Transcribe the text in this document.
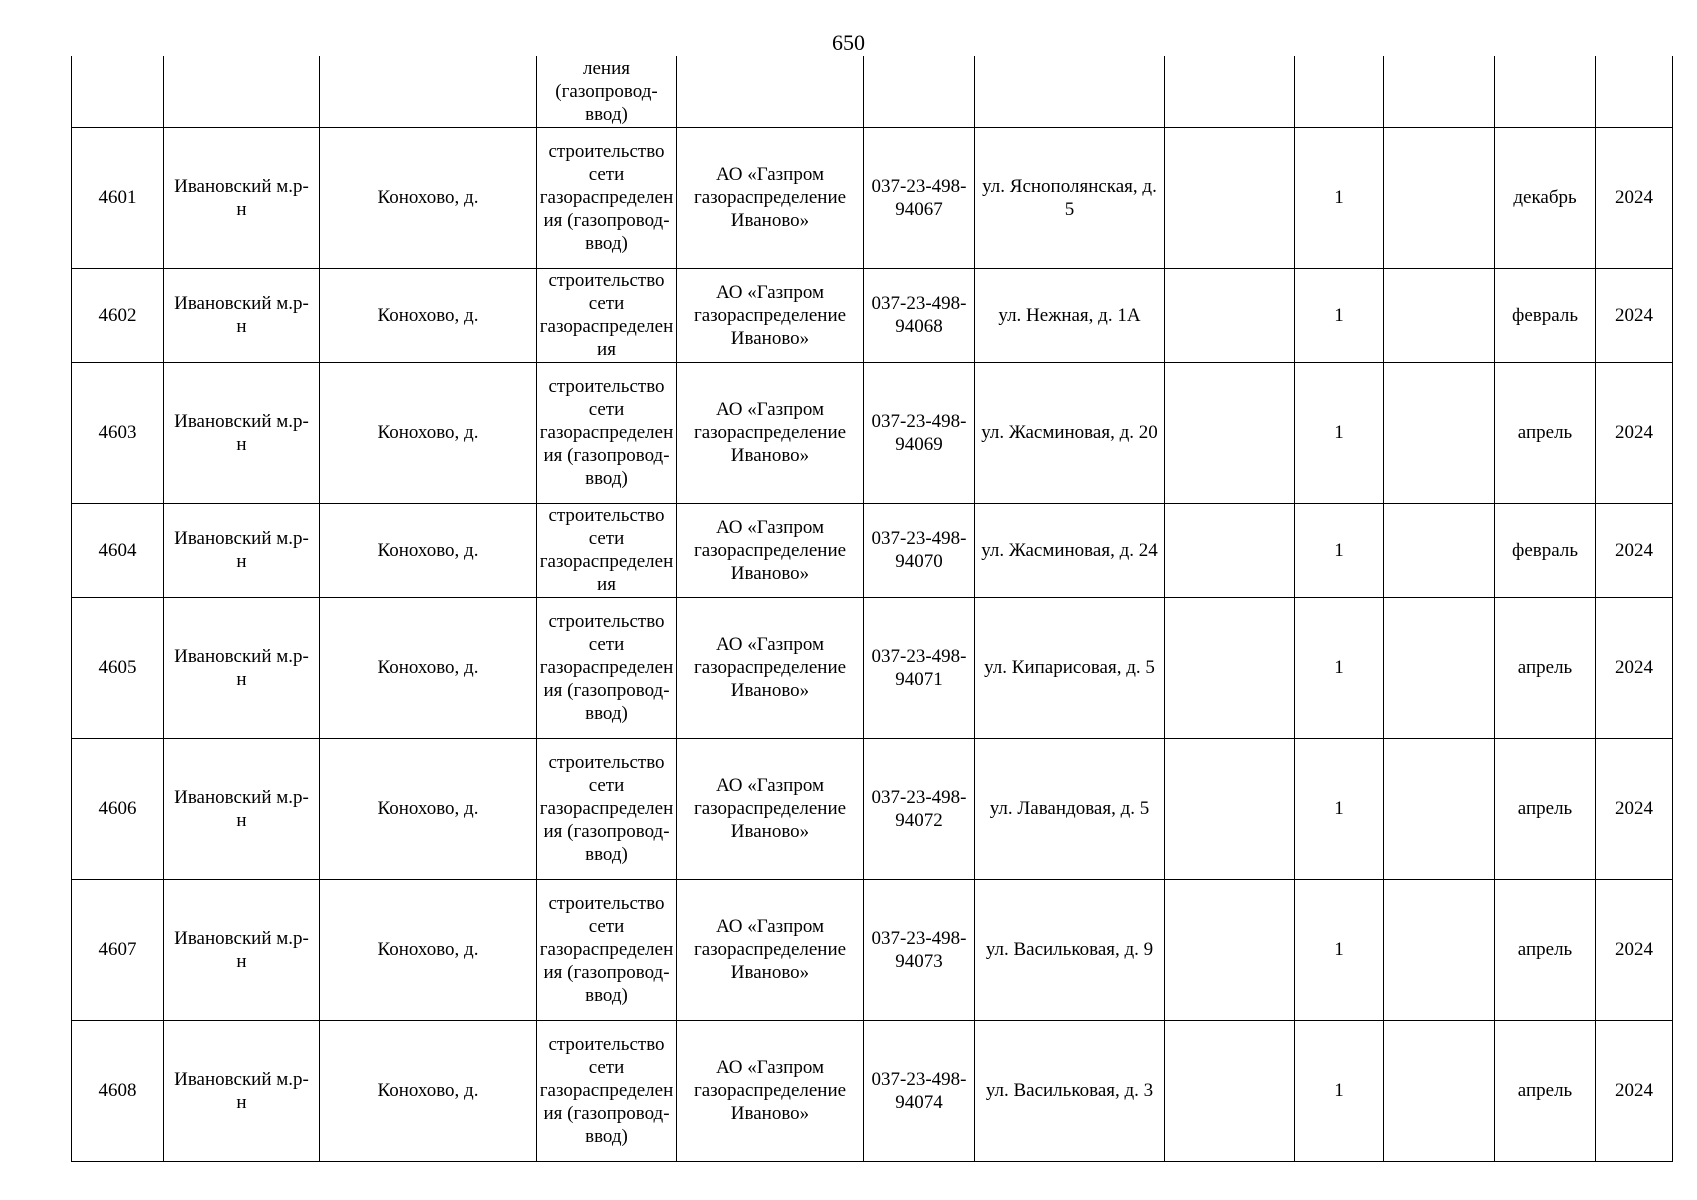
650
			ления (газопровод-ввод)								
4601	Ивановский м.р-н	Конохово, д.	строительство сети газораспределения (газопровод-ввод)	АО «Газпром газораспределение Иваново»	037-23-498-94067	ул. Яснополянская, д. 5		1		декабрь	2024
4602	Ивановский м.р-н	Конохово, д.	строительство сети газораспределения	АО «Газпром газораспределение Иваново»	037-23-498-94068	ул. Нежная, д. 1А		1		февраль	2024
4603	Ивановский м.р-н	Конохово, д.	строительство сети газораспределения (газопровод-ввод)	АО «Газпром газораспределение Иваново»	037-23-498-94069	ул. Жасминовая, д. 20		1		апрель	2024
4604	Ивановский м.р-н	Конохово, д.	строительство сети газораспределения	АО «Газпром газораспределение Иваново»	037-23-498-94070	ул. Жасминовая, д. 24		1		февраль	2024
4605	Ивановский м.р-н	Конохово, д.	строительство сети газораспределения (газопровод-ввод)	АО «Газпром газораспределение Иваново»	037-23-498-94071	ул. Кипарисовая, д. 5		1		апрель	2024
4606	Ивановский м.р-н	Конохово, д.	строительство сети газораспределения (газопровод-ввод)	АО «Газпром газораспределение Иваново»	037-23-498-94072	ул. Лавандовая, д. 5		1		апрель	2024
4607	Ивановский м.р-н	Конохово, д.	строительство сети газораспределения (газопровод-ввод)	АО «Газпром газораспределение Иваново»	037-23-498-94073	ул. Васильковая, д. 9		1		апрель	2024
4608	Ивановский м.р-н	Конохово, д.	строительство сети газораспределения (газопровод-ввод)	АО «Газпром газораспределение Иваново»	037-23-498-94074	ул. Васильковая, д. 3		1		апрель	2024
